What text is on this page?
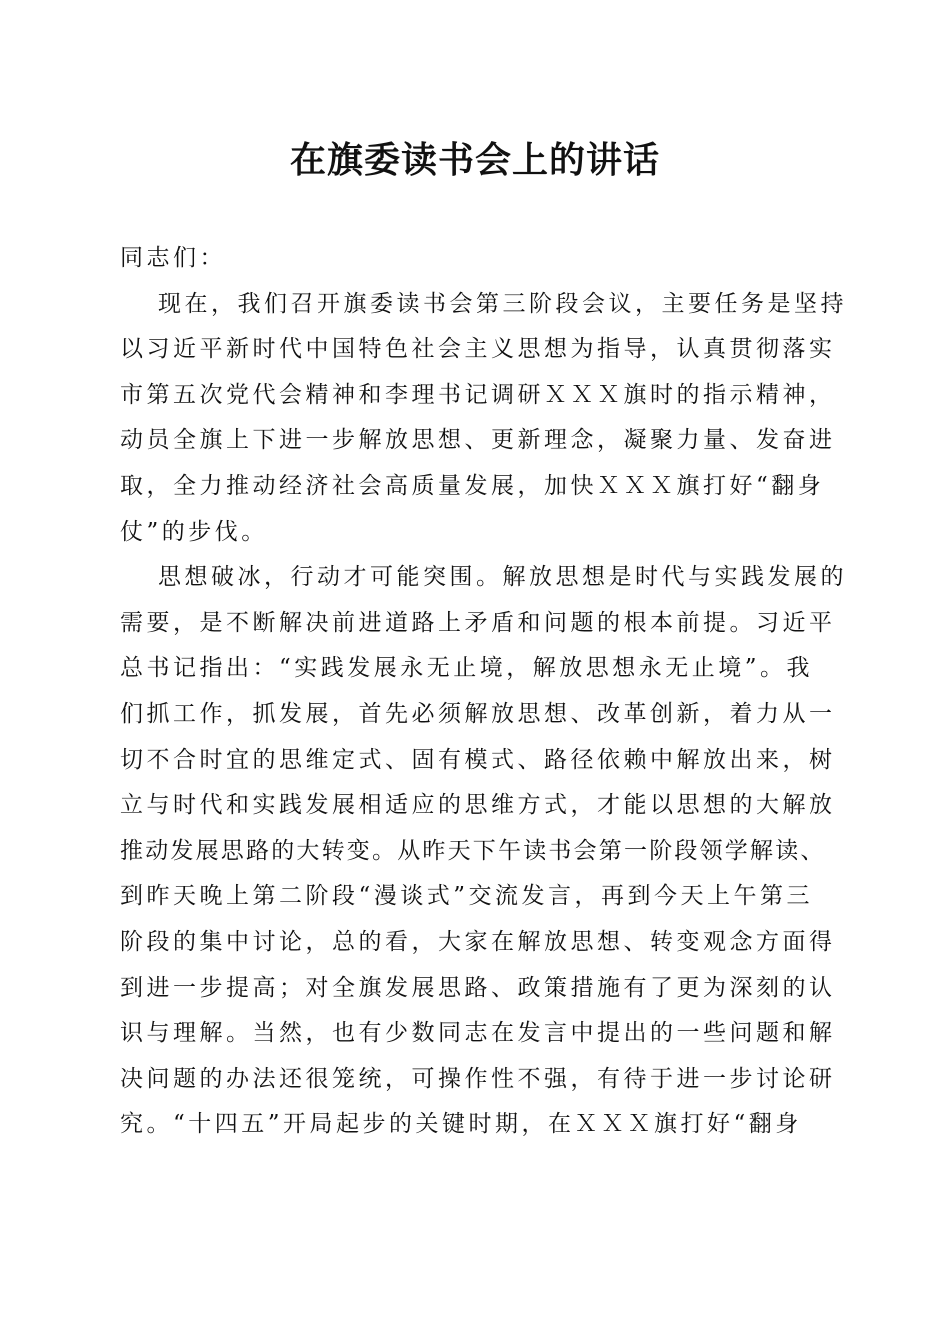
在旗委读书会上的讲话
同志们：
现在，我们召开旗委读书会第三阶段会议，主要任务是坚持
以习近平新时代中国特色社会主义思想为指导，认真贯彻落实
市第五次党代会精神和李理书记调研ＸＸＸ旗时的指示精神，
动员全旗上下进一步解放思想、更新理念，凝聚力量、发奋进
取，全力推动经济社会高质量发展，加快ＸＸＸ旗打好“翻身
仗”的步伐。
思想破冰，行动才可能突围。解放思想是时代与实践发展的
需要，是不断解决前进道路上矛盾和问题的根本前提。习近平
总书记指出：“实践发展永无止境，解放思想永无止境”。我
们抓工作，抓发展，首先必须解放思想、改革创新，着力从一
切不合时宜的思维定式、固有模式、路径依赖中解放出来，树
立与时代和实践发展相适应的思维方式，才能以思想的大解放
推动发展思路的大转变。从昨天下午读书会第一阶段领学解读、
到昨天晚上第二阶段“漫谈式”交流发言，再到今天上午第三
阶段的集中讨论，总的看，大家在解放思想、转变观念方面得
到进一步提高；对全旗发展思路、政策措施有了更为深刻的认
识与理解。当然，也有少数同志在发言中提出的一些问题和解
决问题的办法还很笼统，可操作性不强，有待于进一步讨论研
究。“十四五”开局起步的关键时期，在ＸＸＸ旗打好“翻身
